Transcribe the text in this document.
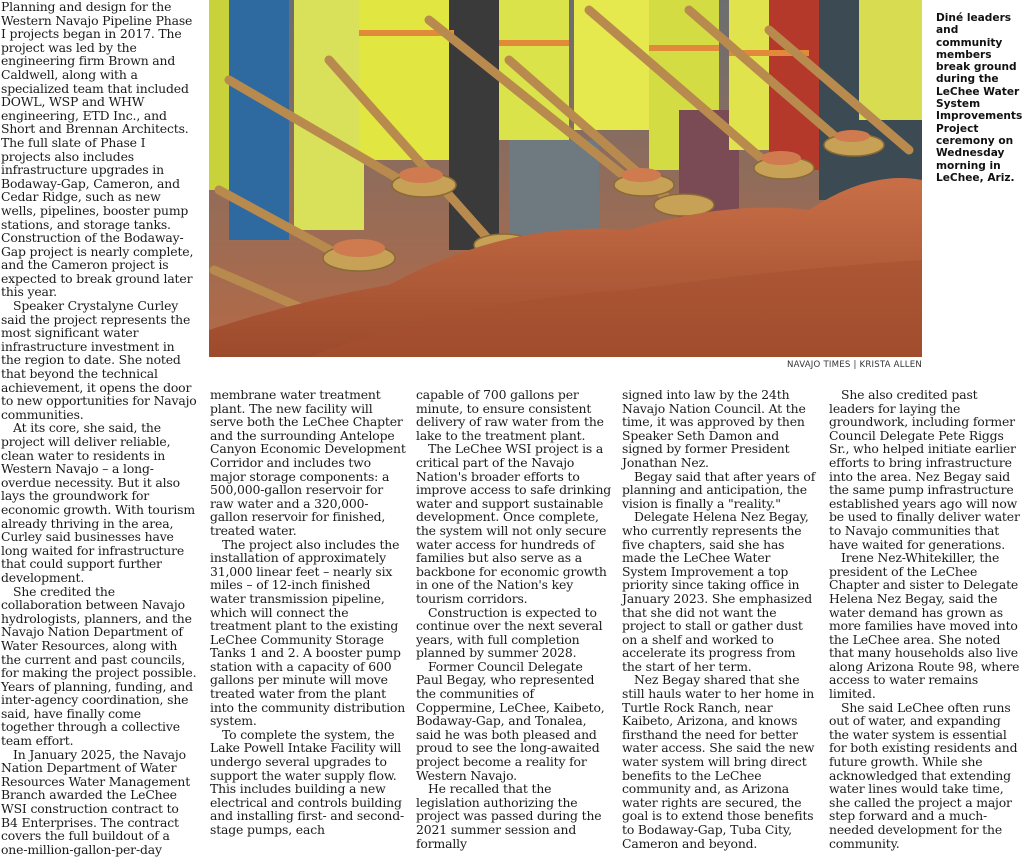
Planning and design for the Western Navajo Pipeline Phase I projects began in 2017. The project was led by the engineering firm Brown and Caldwell, along with a specialized team that included DOWL, WSP and WHW engineering, ETD Inc., and Short and Brennan Architects. The full slate of Phase I projects also includes infrastructure upgrades in Bodaway-Gap, Cameron, and Cedar Ridge, such as new wells, pipelines, booster pump stations, and storage tanks. Construction of the Bodaway-Gap project is nearly complete, and the Cameron project is expected to break ground later this year.

Speaker Crystalyne Curley said the project represents the most significant water infrastructure investment in the region to date. She noted that beyond the technical achievement, it opens the door to new opportunities for Navajo communities.

At its core, she said, the project will deliver reliable, clean water to residents in Western Navajo – a long-overdue necessity. But it also lays the groundwork for economic growth. With tourism already thriving in the area, Curley said businesses have long waited for infrastructure that could support further development.

She credited the collaboration between Navajo hydrologists, planners, and the Navajo Nation Department of Water Resources, along with the current and past councils, for making the project possible. Years of planning, funding, and inter-agency coordination, she said, have finally come together through a collective team effort.

In January 2025, the Navajo Nation Department of Water Resources Water Management Branch awarded the LeChee WSI construction contract to B4 Enterprises. The contract covers the full buildout of a one-million-gallon-per-day

NAVAJO TIMES | KRISTA ALLEN
Diné leaders and community members break ground during the LeChee Water System Improvements Project ceremony on Wednesday morning in LeChee, Ariz.

membrane water treatment plant. The new facility will serve both the LeChee Chapter and the surrounding Antelope Canyon Economic Development Corridor and includes two major storage components: a 500,000-gallon reservoir for raw water and a 320,000-gallon reservoir for finished, treated water.

The project also includes the installation of approximately 31,000 linear feet – nearly six miles – of 12-inch finished water transmission pipeline, which will connect the treatment plant to the existing LeChee Community Storage Tanks 1 and 2. A booster pump station with a capacity of 600 gallons per minute will move treated water from the plant into the community distribution system.

To complete the system, the Lake Powell Intake Facility will undergo several upgrades to support the water supply flow. This includes building a new electrical and controls building and installing first- and second-stage pumps, each

capable of 700 gallons per minute, to ensure consistent delivery of raw water from the lake to the treatment plant.

The LeChee WSI project is a critical part of the Navajo Nation's broader efforts to improve access to safe drinking water and support sustainable development. Once complete, the system will not only secure water access for hundreds of families but also serve as a backbone for economic growth in one of the Nation's key tourism corridors.

Construction is expected to continue over the next several years, with full completion planned by summer 2028.

Former Council Delegate Paul Begay, who represented the communities of Coppermine, LeChee, Kaibeto, Bodaway-Gap, and Tonalea, said he was both pleased and proud to see the long-awaited project become a reality for Western Navajo.

He recalled that the legislation authorizing the project was passed during the 2021 summer session and formally

signed into law by the 24th Navajo Nation Council. At the time, it was approved by then Speaker Seth Damon and signed by former President Jonathan Nez.

Begay said that after years of planning and anticipation, the vision is finally a "reality."

Delegate Helena Nez Begay, who currently represents the five chapters, said she has made the LeChee Water System Improvement a top priority since taking office in January 2023. She emphasized that she did not want the project to stall or gather dust on a shelf and worked to accelerate its progress from the start of her term.

Nez Begay shared that she still hauls water to her home in Turtle Rock Ranch, near Kaibeto, Arizona, and knows firsthand the need for better water access. She said the new water system will bring direct benefits to the LeChee community and, as Arizona water rights are secured, the goal is to extend those benefits to Bodaway-Gap, Tuba City, Cameron and beyond.

She also credited past leaders for laying the groundwork, including former Council Delegate Pete Riggs Sr., who helped initiate earlier efforts to bring infrastructure into the area. Nez Begay said the same pump infrastructure established years ago will now be used to finally deliver water to Navajo communities that have waited for generations.

Irene Nez-Whitekiller, the president of the LeChee Chapter and sister to Delegate Helena Nez Begay, said the water demand has grown as more families have moved into the LeChee area. She noted that many households also live along Arizona Route 98, where access to water remains limited.

She said LeChee often runs out of water, and expanding the water system is essential for both existing residents and future growth. While she acknowledged that extending water lines would take time, she called the project a major step forward and a much-needed development for the community.
